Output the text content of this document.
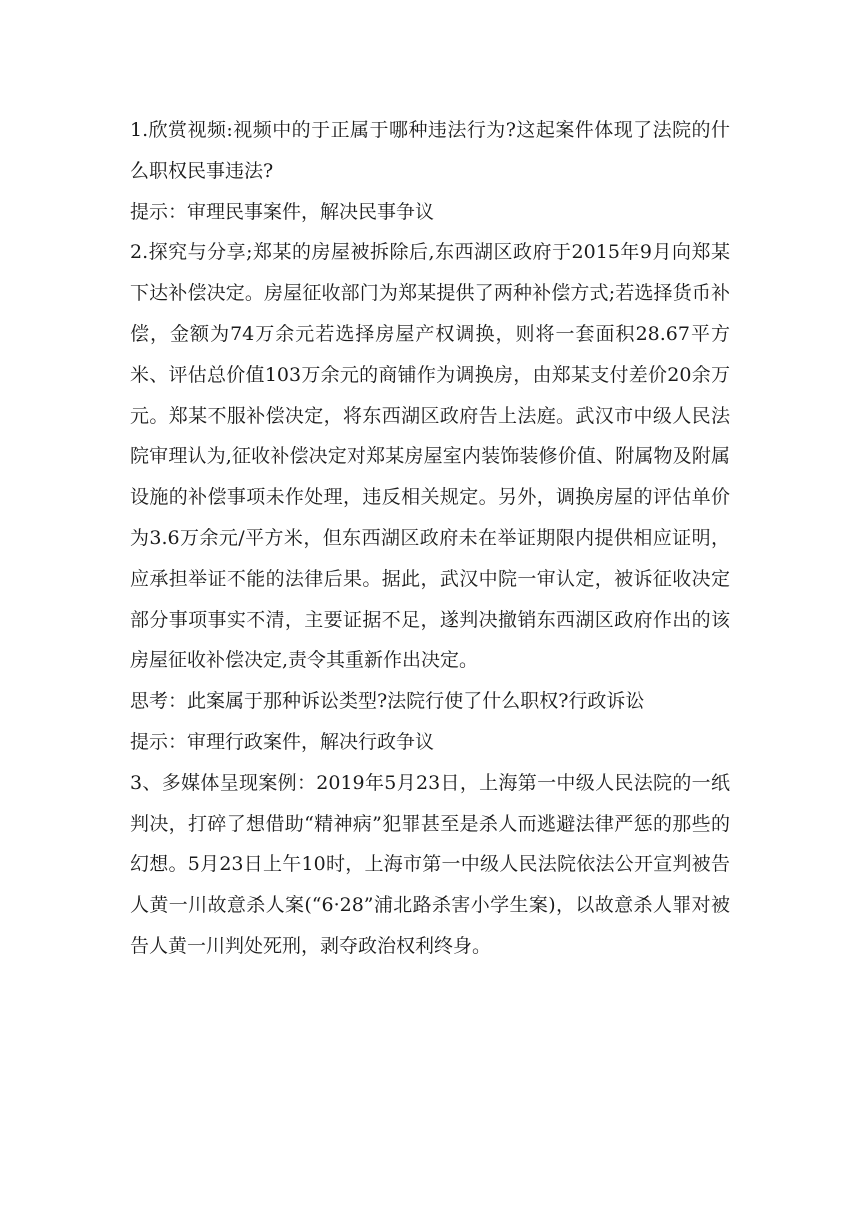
1.欣赏视频:视频中的于正属于哪种违法行为?这起案件体现了法院的什么职权民事违法?

提示：审理民事案件，解决民事争议

2.探究与分享;郑某的房屋被拆除后,东西湖区政府于2015年9月向郑某下达补偿决定。房屋征收部门为郑某提供了两种补偿方式;若选择货币补偿，金额为74万余元若选择房屋产权调换，则将一套面积28.67平方米、评估总价值103万余元的商铺作为调换房，由郑某支付差价20余万元。郑某不服补偿决定，将东西湖区政府告上法庭。武汉市中级人民法院审理认为,征收补偿决定对郑某房屋室内装饰装修价值、附属物及附属设施的补偿事项未作处理，违反相关规定。另外，调换房屋的评估单价为3.6万余元/平方米，但东西湖区政府未在举证期限内提供相应证明，应承担举证不能的法律后果。据此，武汉中院一审认定，被诉征收决定部分事项事实不清，主要证据不足，遂判决撤销东西湖区政府作出的该房屋征收补偿决定,责令其重新作出决定。

思考：此案属于那种诉讼类型?法院行使了什么职权?行政诉讼

提示：审理行政案件，解决行政争议

3、多媒体呈现案例：2019年5月23日，上海第一中级人民法院的一纸判决，打碎了想借助“精神病”犯罪甚至是杀人而逃避法律严惩的那些的幻想。5月23日上午10时，上海市第一中级人民法院依法公开宣判被告人黄一川故意杀人案(“6·28”浦北路杀害小学生案)，以故意杀人罪对被告人黄一川判处死刑，剥夺政治权利终身。
